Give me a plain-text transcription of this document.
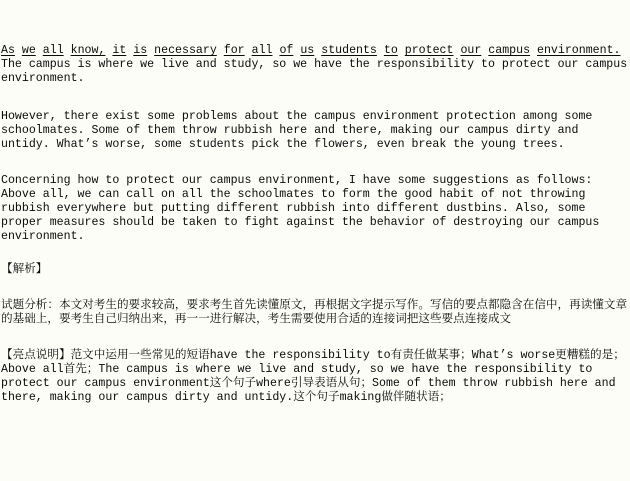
As we all know, it is necessary for all of us students to protect our campus environment. The campus is where we live and study, so we have the responsibility to protect our campus environment.

However, there exist some problems about the campus environment protection among some schoolmates. Some of them throw rubbish here and there, making our campus dirty and untidy. What’s worse, some students pick the flowers, even break the young trees.

Concerning how to protect our campus environment, I have some suggestions as follows: Above all, we can call on all the schoolmates to form the good habit of not throwing rubbish everywhere but putting different rubbish into different dustbins. Also, some proper measures should be taken to fight against the behavior of destroying our campus environment.

【解析】

试题分析：本文对考生的要求较高，要求考生首先读懂原文，再根据文字提示写作。写信的要点都隐含在信中，再读懂文章的基础上，要考生自己归纳出来，再一一进行解决，考生需要使用合适的连接词把这些要点连接成文

【亮点说明】范文中运用一些常见的短语have the responsibility to有责任做某事；What’s worse更糟糕的是；Above all首先；The campus is where we live and study, so we have the responsibility to protect our campus environment这个句子where引导表语从句；Some of them throw rubbish here and there, making our campus dirty and untidy.这个句子making做伴随状语；
